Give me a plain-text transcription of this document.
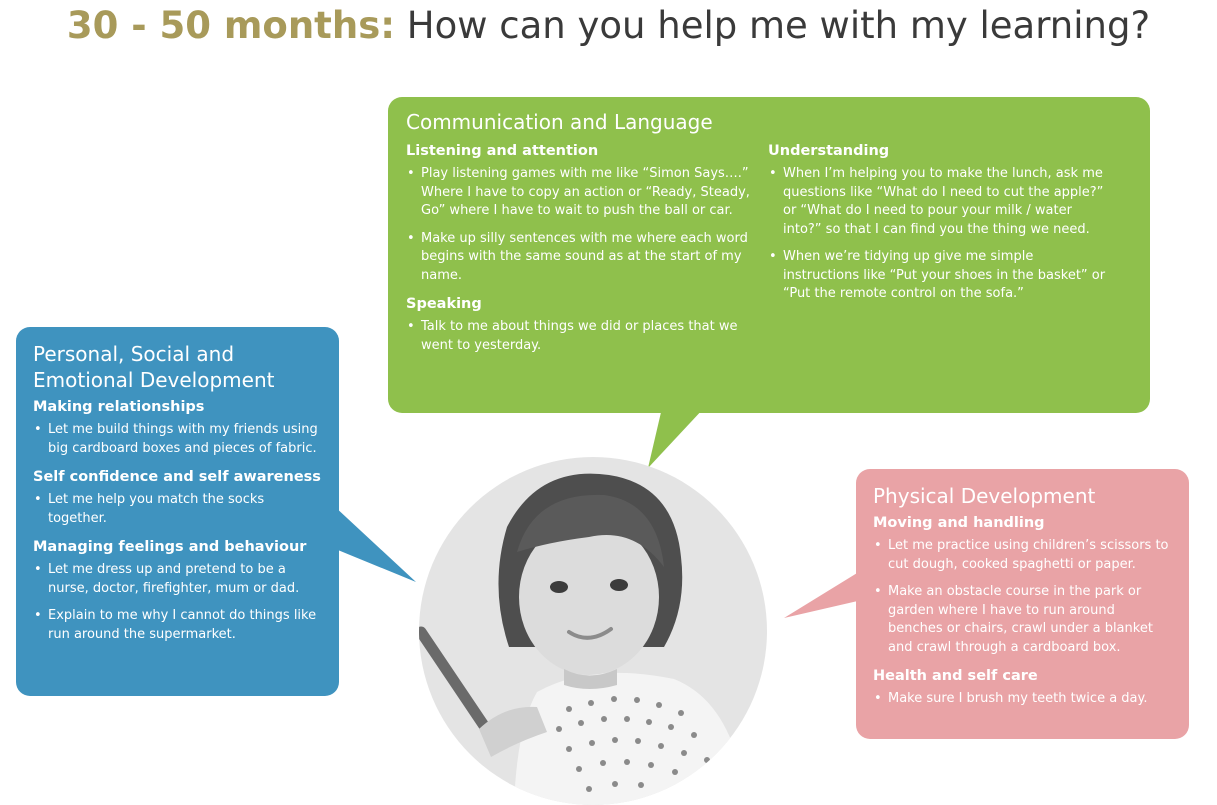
30 - 50 months: How can you help me with my learning?
Communication and Language
Listening and attention
• Play listening games with me like “Simon Says….” Where I have to copy an action or “Ready, Steady, Go” where I have to wait to push the ball or car.
• Make up silly sentences with me where each word begins with the same sound as at the start of my name.
Speaking
• Talk to me about things we did or places that we went to yesterday.
Understanding
• When I’m helping you to make the lunch, ask me questions like “What do I need to cut the apple?” or “What do I need to pour your milk / water into?” so that I can find you the thing we need.
• When we’re tidying up give me simple instructions like “Put your shoes in the basket” or “Put the remote control on the sofa.”
Personal, Social and Emotional Development
Making relationships
• Let me build things with my friends using big cardboard boxes and pieces of fabric.
Self confidence and self awareness
• Let me help you match the socks together.
Managing feelings and behaviour
• Let me dress up and pretend to be a nurse, doctor, firefighter, mum or dad.
• Explain to me why I cannot do things like run around the supermarket.
Physical Development
Moving and handling
• Let me practice using children’s scissors to cut dough, cooked spaghetti or paper.
• Make an obstacle course in the park or garden where I have to run around benches or chairs, crawl under a blanket and crawl through a cardboard box.
Health and self care
• Make sure I brush my teeth twice a day.
